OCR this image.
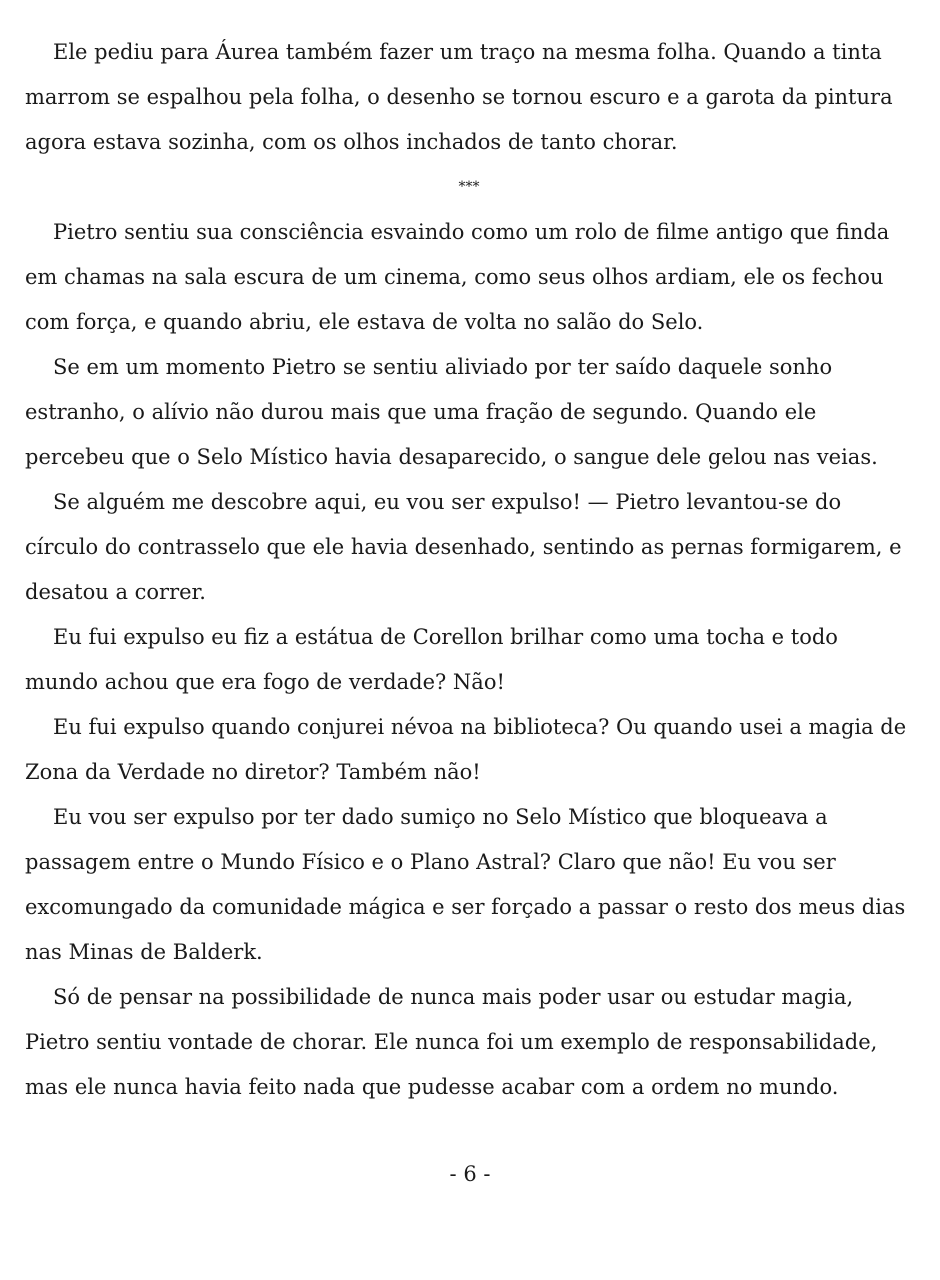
Ele pediu para Áurea também fazer um traço na mesma folha. Quando a tinta marrom se espalhou pela folha, o desenho se tornou escuro e a garota da pintura agora estava sozinha, com os olhos inchados de tanto chorar.

***

Pietro sentiu sua consciência esvaindo como um rolo de filme antigo que finda em chamas na sala escura de um cinema, como seus olhos ardiam, ele os fechou com força, e quando abriu, ele estava de volta no salão do Selo.

Se em um momento Pietro se sentiu aliviado por ter saído daquele sonho estranho, o alívio não durou mais que uma fração de segundo. Quando ele percebeu que o Selo Místico havia desaparecido, o sangue dele gelou nas veias.

Se alguém me descobre aqui, eu vou ser expulso! — Pietro levantou-se do círculo do contrasselo que ele havia desenhado, sentindo as pernas formigarem, e desatou a correr.

Eu fui expulso eu fiz a estátua de Corellon brilhar como uma tocha e todo mundo achou que era fogo de verdade? Não!

Eu fui expulso quando conjurei névoa na biblioteca? Ou quando usei a magia de Zona da Verdade no diretor? Também não!

Eu vou ser expulso por ter dado sumiço no Selo Místico que bloqueava a passagem entre o Mundo Físico e o Plano Astral? Claro que não! Eu vou ser excomungado da comunidade mágica e ser forçado a passar o resto dos meus dias nas Minas de Balderk.

Só de pensar na possibilidade de nunca mais poder usar ou estudar magia, Pietro sentiu vontade de chorar. Ele nunca foi um exemplo de responsabilidade, mas ele nunca havia feito nada que pudesse acabar com a ordem no mundo.

- 6 -
